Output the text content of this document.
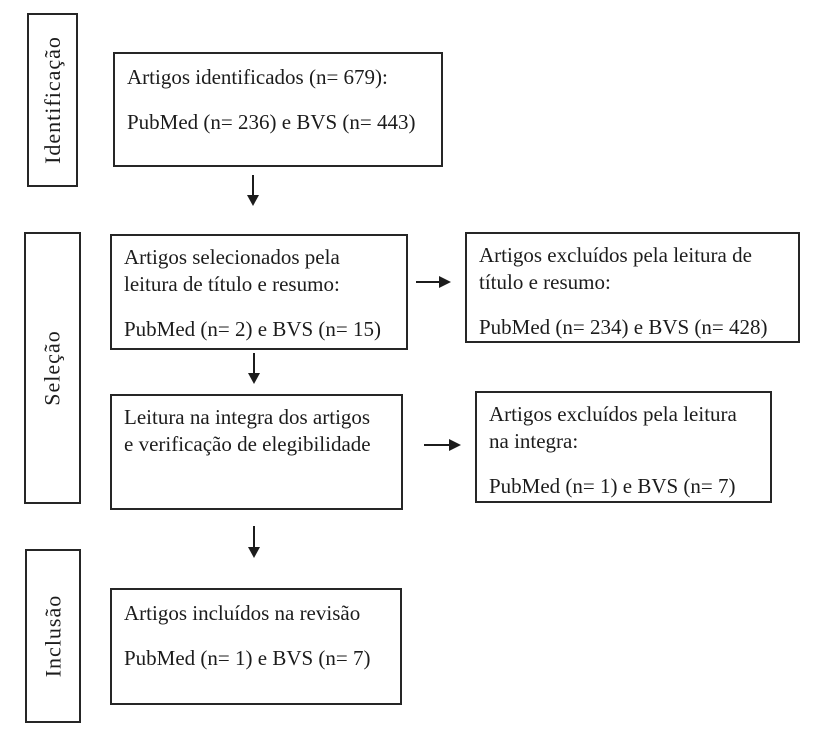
Identificação
Seleção
Inclusão
Artigos identificados (n= 679):
PubMed (n= 236) e BVS (n= 443)
Artigos selecionados pela
leitura de título e resumo:
PubMed (n= 2) e BVS (n= 15)
Artigos excluídos pela leitura de
título e resumo:
PubMed (n= 234) e BVS (n= 428)
Leitura na integra dos artigos
e verificação de elegibilidade
Artigos excluídos pela leitura
na integra:
PubMed (n= 1) e BVS (n= 7)
Artigos incluídos na revisão
PubMed (n= 1) e BVS (n= 7)
